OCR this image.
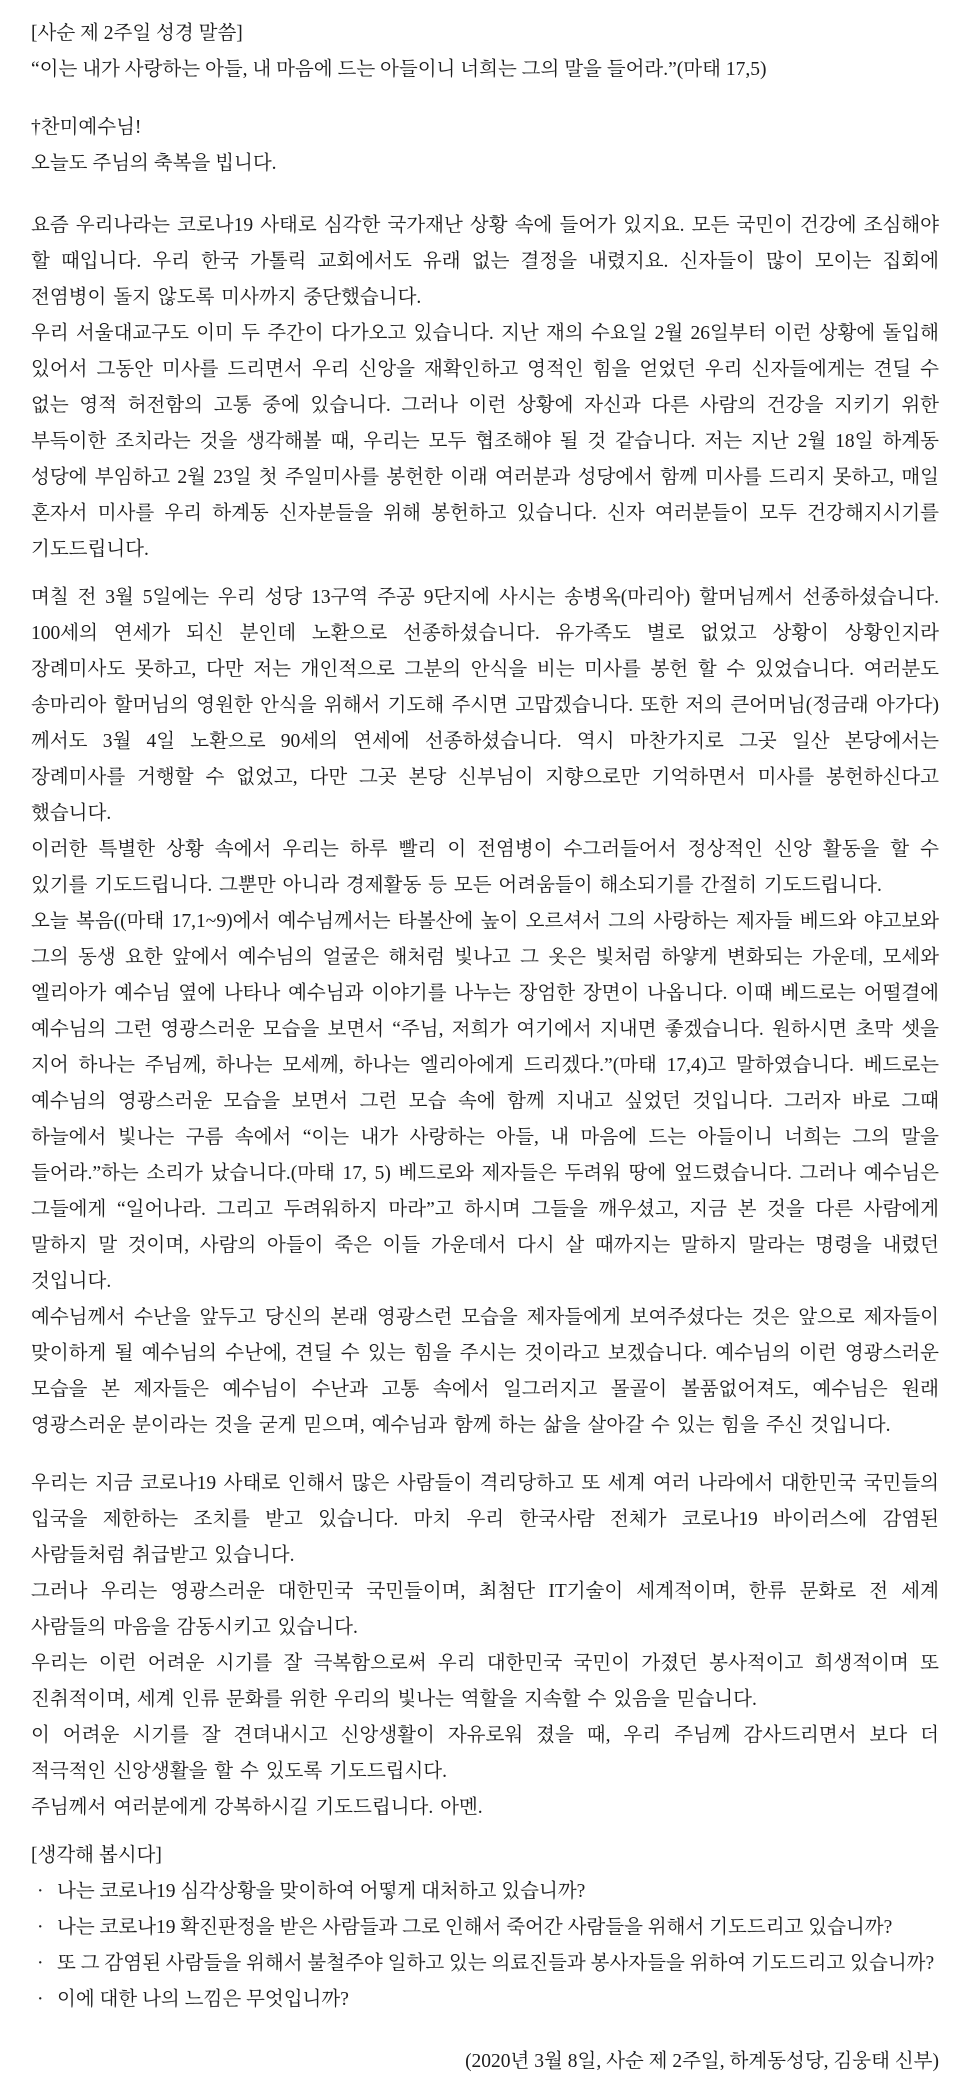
[사순 제 2주일 성경 말씀]

“이는 내가 사랑하는 아들, 내 마음에 드는 아들이니 너희는 그의 말을 들어라.”(마태 17,5)

†찬미예수님!

오늘도 주님의 축복을 빕니다.

요즘 우리나라는 코로나19 사태로 심각한 국가재난 상황 속에 들어가 있지요. 모든 국민이 건강에 조심해야 할 때입니다. 우리 한국 가톨릭 교회에서도 유래 없는 결정을 내렸지요. 신자들이 많이 모이는 집회에 전염병이 돌지 않도록 미사까지 중단했습니다.

우리 서울대교구도 이미 두 주간이 다가오고 있습니다. 지난 재의 수요일 2월 26일부터 이런 상황에 돌입해 있어서 그동안 미사를 드리면서 우리 신앙을 재확인하고 영적인 힘을 얻었던 우리 신자들에게는 견딜 수 없는 영적 허전함의 고통 중에 있습니다. 그러나 이런 상황에 자신과 다른 사람의 건강을 지키기 위한 부득이한 조치라는 것을 생각해볼 때, 우리는 모두 협조해야 될 것 같습니다. 저는 지난 2월 18일 하계동 성당에 부임하고 2월 23일 첫 주일미사를 봉헌한 이래 여러분과 성당에서 함께 미사를 드리지 못하고, 매일 혼자서 미사를 우리 하계동 신자분들을 위해 봉헌하고 있습니다. 신자 여러분들이 모두 건강해지시기를 기도드립니다.

며칠 전 3월 5일에는 우리 성당 13구역 주공 9단지에 사시는 송병옥(마리아) 할머님께서 선종하셨습니다. 100세의 연세가 되신 분인데 노환으로 선종하셨습니다. 유가족도 별로 없었고 상황이 상황인지라 장례미사도 못하고, 다만 저는 개인적으로 그분의 안식을 비는 미사를 봉헌 할 수 있었습니다. 여러분도 송마리아 할머님의 영원한 안식을 위해서 기도해 주시면 고맙겠습니다. 또한 저의 큰어머님(정금래 아가다)께서도 3월 4일 노환으로 90세의 연세에 선종하셨습니다. 역시 마찬가지로 그곳 일산 본당에서는 장례미사를 거행할 수 없었고, 다만 그곳 본당 신부님이 지향으로만 기억하면서 미사를 봉헌하신다고 했습니다.

이러한 특별한 상황 속에서 우리는 하루 빨리 이 전염병이 수그러들어서 정상적인 신앙 활동을 할 수 있기를 기도드립니다. 그뿐만 아니라 경제활동 등 모든 어려움들이 해소되기를 간절히 기도드립니다.

오늘 복음((마태 17,1~9)에서 예수님께서는 타볼산에 높이 오르셔서 그의 사랑하는 제자들 베드와 야고보와 그의 동생 요한 앞에서 예수님의 얼굴은 해처럼 빛나고 그 옷은 빛처럼 하얗게 변화되는 가운데, 모세와 엘리아가 예수님 옆에 나타나 예수님과 이야기를 나누는 장엄한 장면이 나옵니다. 이때 베드로는 어떨결에 예수님의 그런 영광스러운 모습을 보면서 “주님, 저희가 여기에서 지내면 좋겠습니다. 원하시면 초막 셋을 지어 하나는 주님께, 하나는 모세께, 하나는 엘리아에게 드리겠다.”(마태 17,4)고 말하였습니다. 베드로는 예수님의 영광스러운 모습을 보면서 그런 모습 속에 함께 지내고 싶었던 것입니다. 그러자 바로 그때 하늘에서 빛나는 구름 속에서 “이는 내가 사랑하는 아들, 내 마음에 드는 아들이니 너희는 그의 말을 들어라.”하는 소리가 났습니다.(마태 17, 5) 베드로와 제자들은 두려워 땅에 엎드렸습니다. 그러나 예수님은 그들에게 “일어나라. 그리고 두려워하지 마라”고 하시며 그들을 깨우셨고, 지금 본 것을 다른 사람에게 말하지 말 것이며, 사람의 아들이 죽은 이들 가운데서 다시 살 때까지는 말하지 말라는 명령을 내렸던 것입니다.

예수님께서 수난을 앞두고 당신의 본래 영광스런 모습을 제자들에게 보여주셨다는 것은 앞으로 제자들이 맞이하게 될 예수님의 수난에, 견딜 수 있는 힘을 주시는 것이라고 보겠습니다. 예수님의 이런 영광스러운 모습을 본 제자들은 예수님이 수난과 고통 속에서 일그러지고 몰골이 볼품없어져도, 예수님은 원래 영광스러운 분이라는 것을 굳게 믿으며, 예수님과 함께 하는 삶을 살아갈 수 있는 힘을 주신 것입니다.

우리는 지금 코로나19 사태로 인해서 많은 사람들이 격리당하고 또 세계 여러 나라에서 대한민국 국민들의 입국을 제한하는 조치를 받고 있습니다. 마치 우리 한국사람 전체가 코로나19 바이러스에 감염된 사람들처럼 취급받고 있습니다.

그러나 우리는 영광스러운 대한민국 국민들이며, 최첨단 IT기술이 세계적이며, 한류 문화로 전 세계 사람들의 마음을 감동시키고 있습니다.

우리는 이런 어려운 시기를 잘 극복함으로써 우리 대한민국 국민이 가졌던 봉사적이고 희생적이며 또 진취적이며, 세계 인류 문화를 위한 우리의 빛나는 역할을 지속할 수 있음을 믿습니다.

이 어려운 시기를 잘 견뎌내시고 신앙생활이 자유로워 졌을 때, 우리 주님께 감사드리면서 보다 더 적극적인 신앙생활을 할 수 있도록 기도드립시다.

주님께서 여러분에게 강복하시길 기도드립니다. 아멘.

[생각해 봅시다]

· 나는 코로나19 심각상황을 맞이하여 어떻게 대처하고 있습니까?

· 나는 코로나19 확진판정을 받은 사람들과 그로 인해서 죽어간 사람들을 위해서 기도드리고 있습니까?

· 또 그 감염된 사람들을 위해서 불철주야 일하고 있는 의료진들과 봉사자들을 위하여 기도드리고 있습니까?

· 이에 대한 나의 느낌은 무엇입니까?

(2020년 3월 8일, 사순 제 2주일, 하계동성당, 김웅태 신부)
